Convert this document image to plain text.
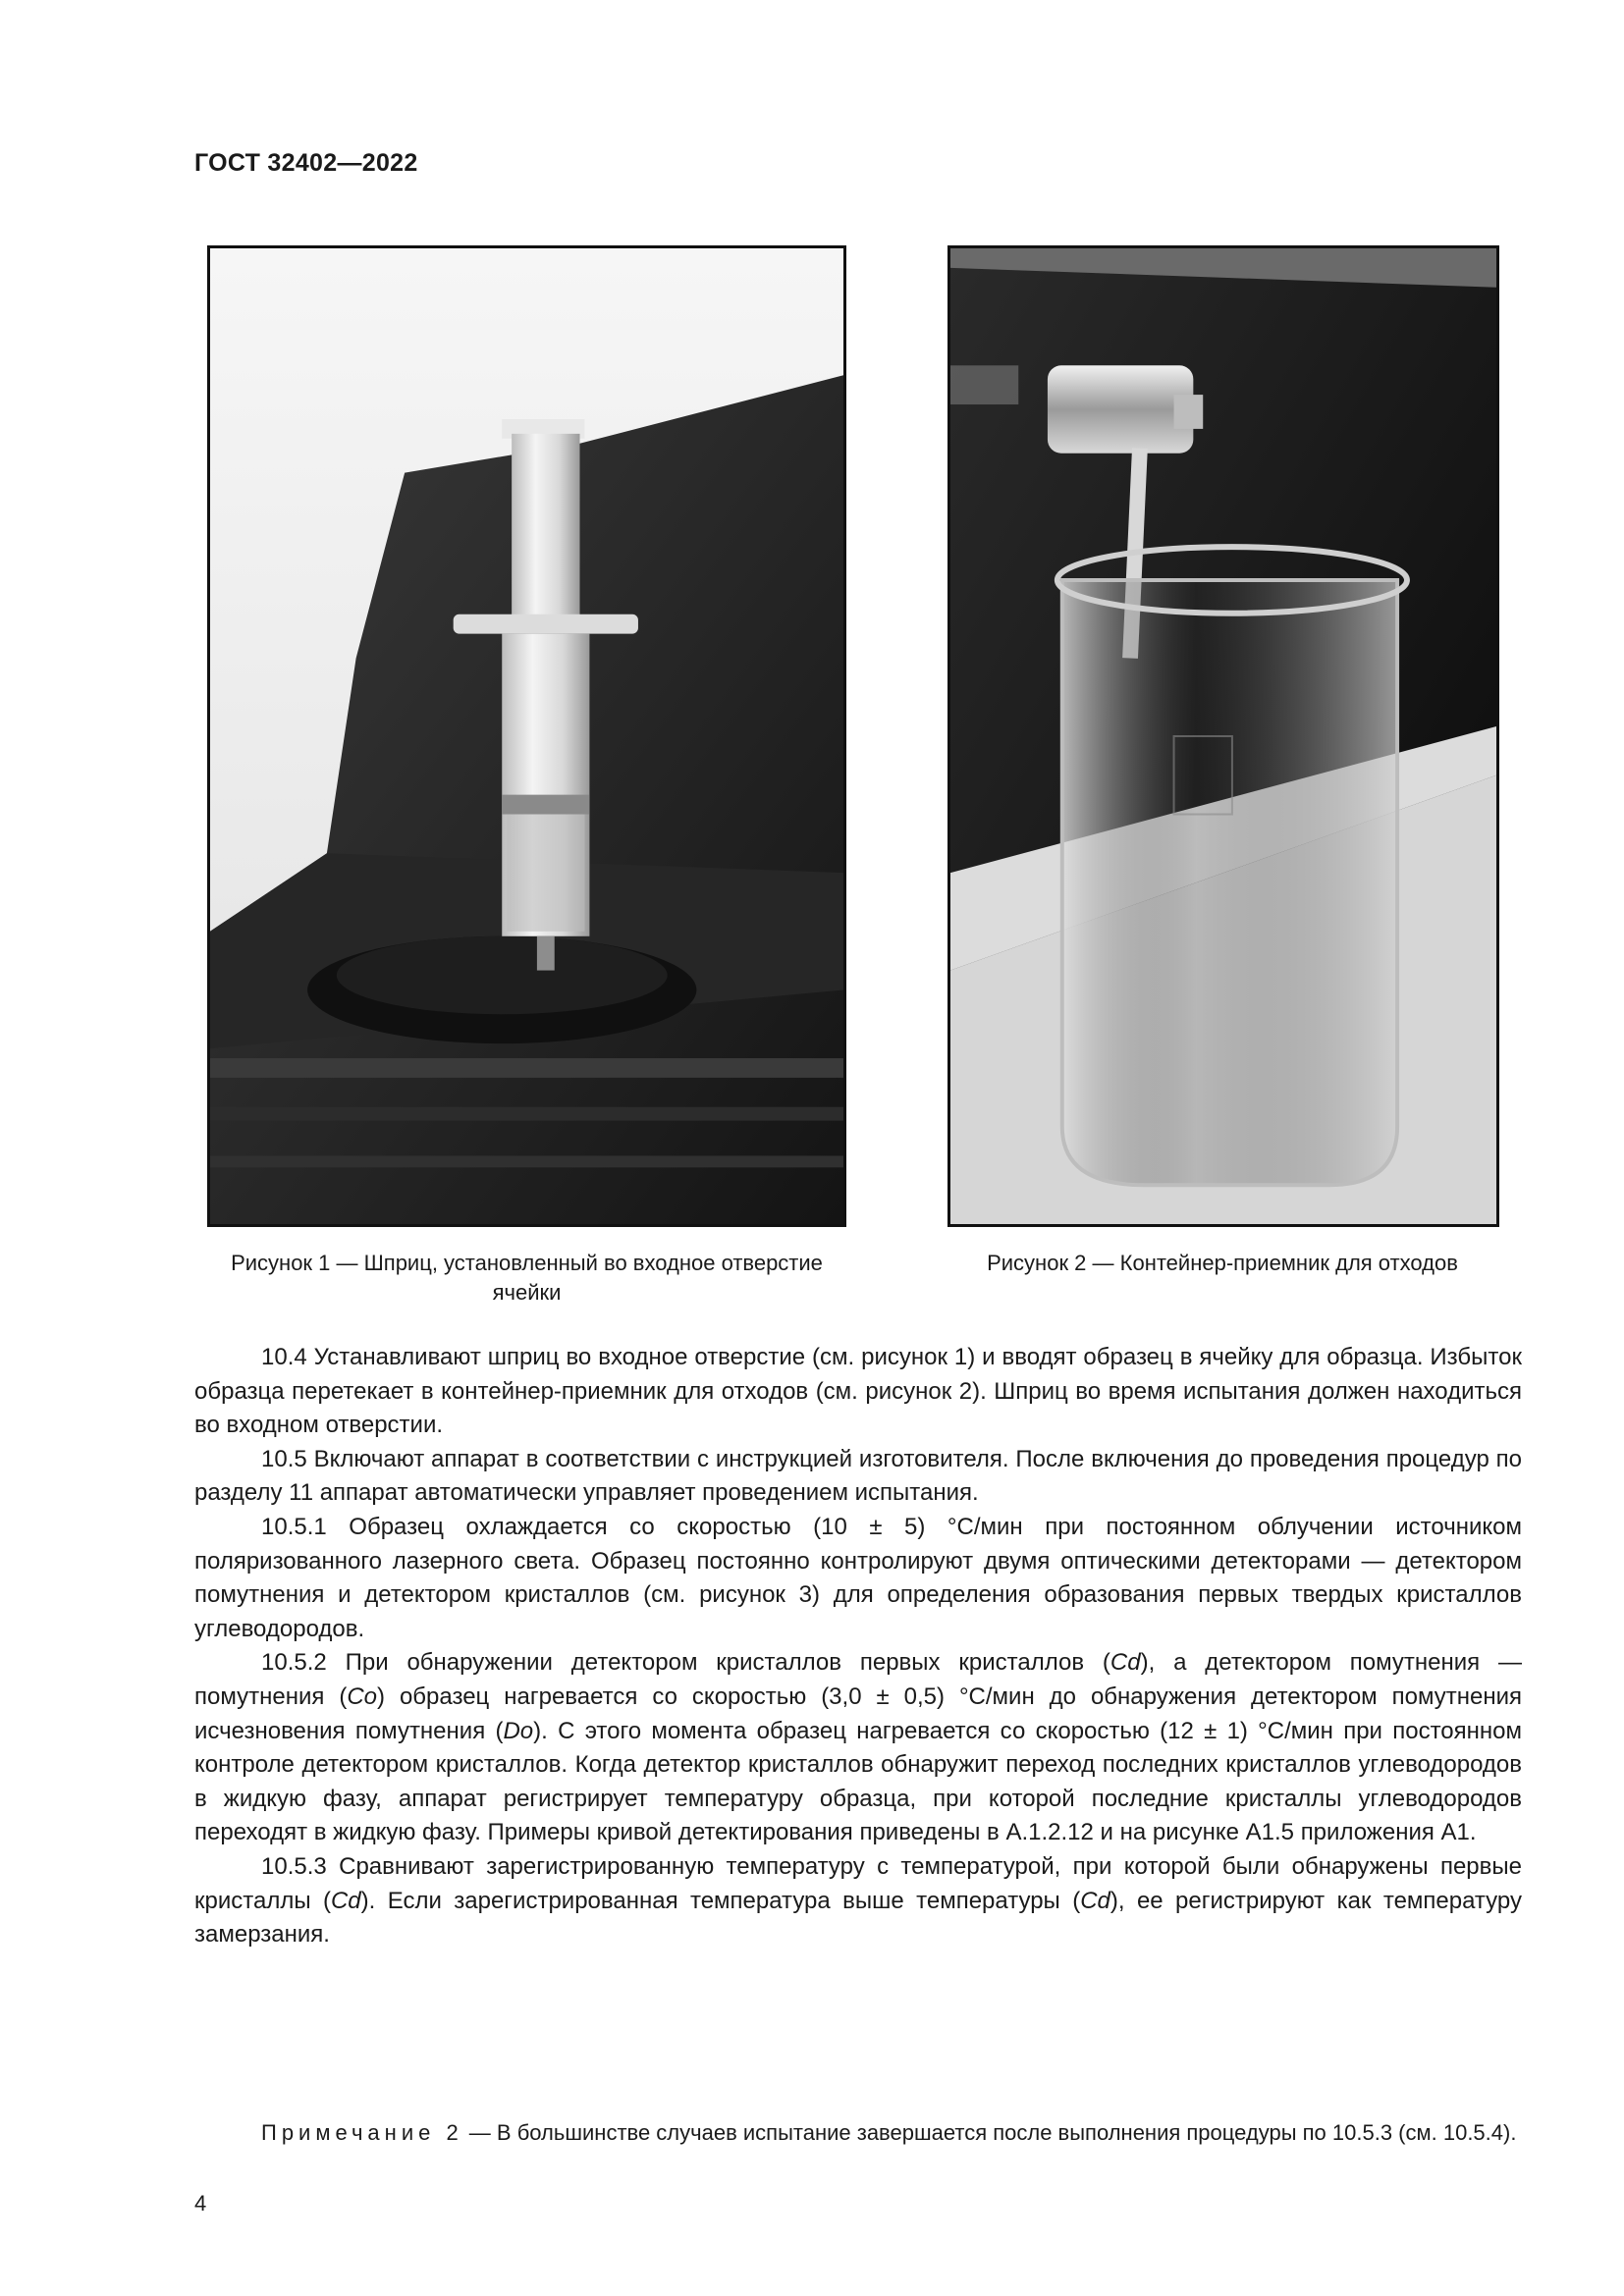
ГОСТ 32402—2022
Рисунок 1 — Шприц, установленный во входное отверстие ячейки
Рисунок 2 — Контейнер-приемник для отходов

10.4 Устанавливают шприц во входное отверстие (см. рисунок 1) и вводят образец в ячейку для образца. Избыток образца перетекает в контейнер-приемник для отходов (см. рисунок 2). Шприц во время испытания должен находиться во входном отверстии.

10.5 Включают аппарат в соответствии с инструкцией изготовителя. После включения до проведения процедур по разделу 11 аппарат автоматически управляет проведением испытания.

10.5.1 Образец охлаждается со скоростью (10 ± 5) °С/мин при постоянном облучении источником поляризованного лазерного света. Образец постоянно контролируют двумя оптическими детекторами — детектором помутнения и детектором кристаллов (см. рисунок 3) для определения образования первых твердых кристаллов углеводородов.

10.5.2 При обнаружении детектором кристаллов первых кристаллов (Cd), а детектором помутнения — помутнения (Co) образец нагревается со скоростью (3,0 ± 0,5) °С/мин до обнаружения детектором помутнения исчезновения помутнения (Do). С этого момента образец нагревается со скоростью (12 ± 1) °С/мин при постоянном контроле детектором кристаллов. Когда детектор кристаллов обнаружит переход последних кристаллов углеводородов в жидкую фазу, аппарат регистрирует температуру образца, при которой последние кристаллы углеводородов переходят в жидкую фазу. Примеры кривой детектирования приведены в А.1.2.12 и на рисунке А1.5 приложения А1.

10.5.3 Сравнивают зарегистрированную температуру с температурой, при которой были обнаружены первые кристаллы (Cd). Если зарегистрированная температура выше температуры (Cd), ее регистрируют как температуру замерзания.

Примечание 2 — В большинстве случаев испытание завершается после выполнения процедуры по 10.5.3 (см. 10.5.4).

4
